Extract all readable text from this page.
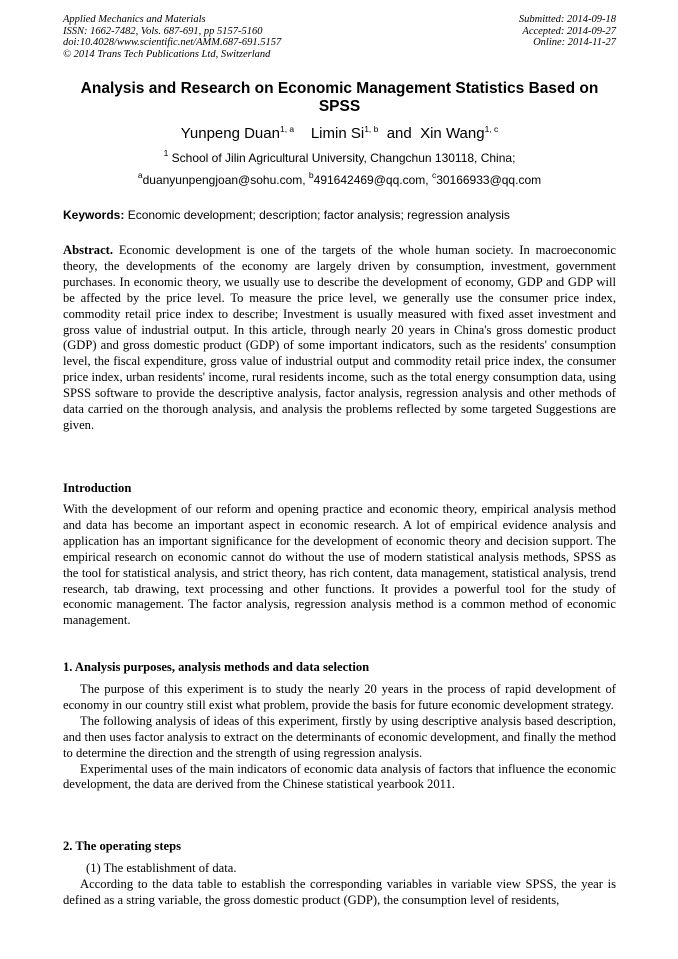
Applied Mechanics and Materials
ISSN: 1662-7482, Vols. 687-691, pp 5157-5160
doi:10.4028/www.scientific.net/AMM.687-691.5157
© 2014 Trans Tech Publications Ltd, Switzerland
Submitted: 2014-09-18
Accepted: 2014-09-27
Online: 2014-11-27
Analysis and Research on Economic Management Statistics Based on SPSS
Yunpeng Duan$^{1, a}$ Limin Si$^{1, b}$ and Xin Wang$^{1, c}$
$^1$ School of Jilin Agricultural University, Changchun 130118, China;
$^a$duanyunpengjoan@sohu.com, $^b$491642469@qq.com, $^c$30166933@qq.com
Keywords: Economic development; description; factor analysis; regression analysis
Abstract. Economic development is one of the targets of the whole human society. In macroeconomic theory, the developments of the economy are largely driven by consumption, investment, government purchases. In economic theory, we usually use to describe the development of economy, GDP and GDP will be affected by the price level. To measure the price level, we generally use the consumer price index, commodity retail price index to describe; Investment is usually measured with fixed asset investment and gross value of industrial output. In this article, through nearly 20 years in China's gross domestic product (GDP) and gross domestic product (GDP) of some important indicators, such as the residents' consumption level, the fiscal expenditure, gross value of industrial output and commodity retail price index, the consumer price index, urban residents' income, rural residents income, such as the total energy consumption data, using SPSS software to provide the descriptive analysis, factor analysis, regression analysis and other methods of data carried on the thorough analysis, and analysis the problems reflected by some targeted Suggestions are given.
Introduction
With the development of our reform and opening practice and economic theory, empirical analysis method and data has become an important aspect in economic research. A lot of empirical evidence analysis and application has an important significance for the development of economic theory and decision support. The empirical research on economic cannot do without the use of modern statistical analysis methods, SPSS as the tool for statistical analysis, and strict theory, has rich content, data management, statistical analysis, trend research, tab drawing, text processing and other functions. It provides a powerful tool for the study of economic management. The factor analysis, regression analysis method is a common method of economic management.
1. Analysis purposes, analysis methods and data selection

The purpose of this experiment is to study the nearly 20 years in the process of rapid development of economy in our country still exist what problem, provide the basis for future economic development strategy.

The following analysis of ideas of this experiment, firstly by using descriptive analysis based description, and then uses factor analysis to extract on the determinants of economic development, and finally the method to determine the direction and the strength of using regression analysis.

Experimental uses of the main indicators of economic data analysis of factors that influence the economic development, the data are derived from the Chinese statistical yearbook 2011.

2. The operating steps

(1) The establishment of data.

According to the data table to establish the corresponding variables in variable view SPSS, the year is defined as a string variable, the gross domestic product (GDP), the consumption level of residents,
